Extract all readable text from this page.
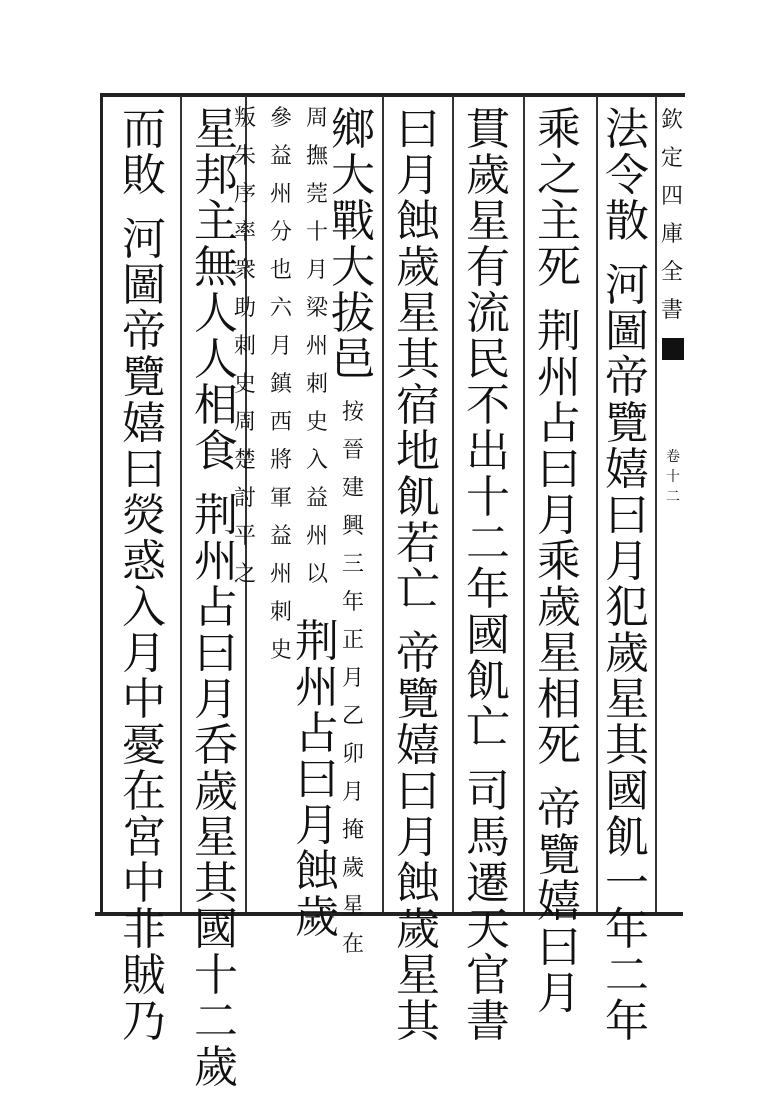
欽
定
四
庫
全
書
卷
十
二
法
令
散
河
圖
帝
覽
嬉
曰
月
犯
歲
星
其
國
飢
一
年
二
年
乘
之
主
死
荆
州
占
曰
月
乘
歲
星
相
死
帝
覽
嬉
曰
月
貫
歲
星
有
流
民
不
出
十
二
年
國
飢
亡
司
馬
遷
天
官
書
曰
月
蝕
歲
星
其
宿
地
飢
若
亡
帝
覽
嬉
曰
月
蝕
歲
星
其
鄉
大
戰
大
拔
邑
按
晉
建
興
三
年
正
月
乙
卯
月
掩
歲
星
在
周
撫
莞
十
月
梁
州
刺
史
入
益
州
以
荆
州
占
曰
月
蝕
歲
參
益
州
分
也
六
月
鎮
西
將
軍
益
州
刺
史
叛
朱
序
率
衆
助
刺
史
周
楚
討
平
之
星
邦
主
無
人
人
相
食
荆
州
占
曰
月
呑
歲
星
其
國
十
二
歲
而
敗
河
圖
帝
覽
嬉
曰
熒
惑
入
月
中
憂
在
宮
中
非
賊
乃
